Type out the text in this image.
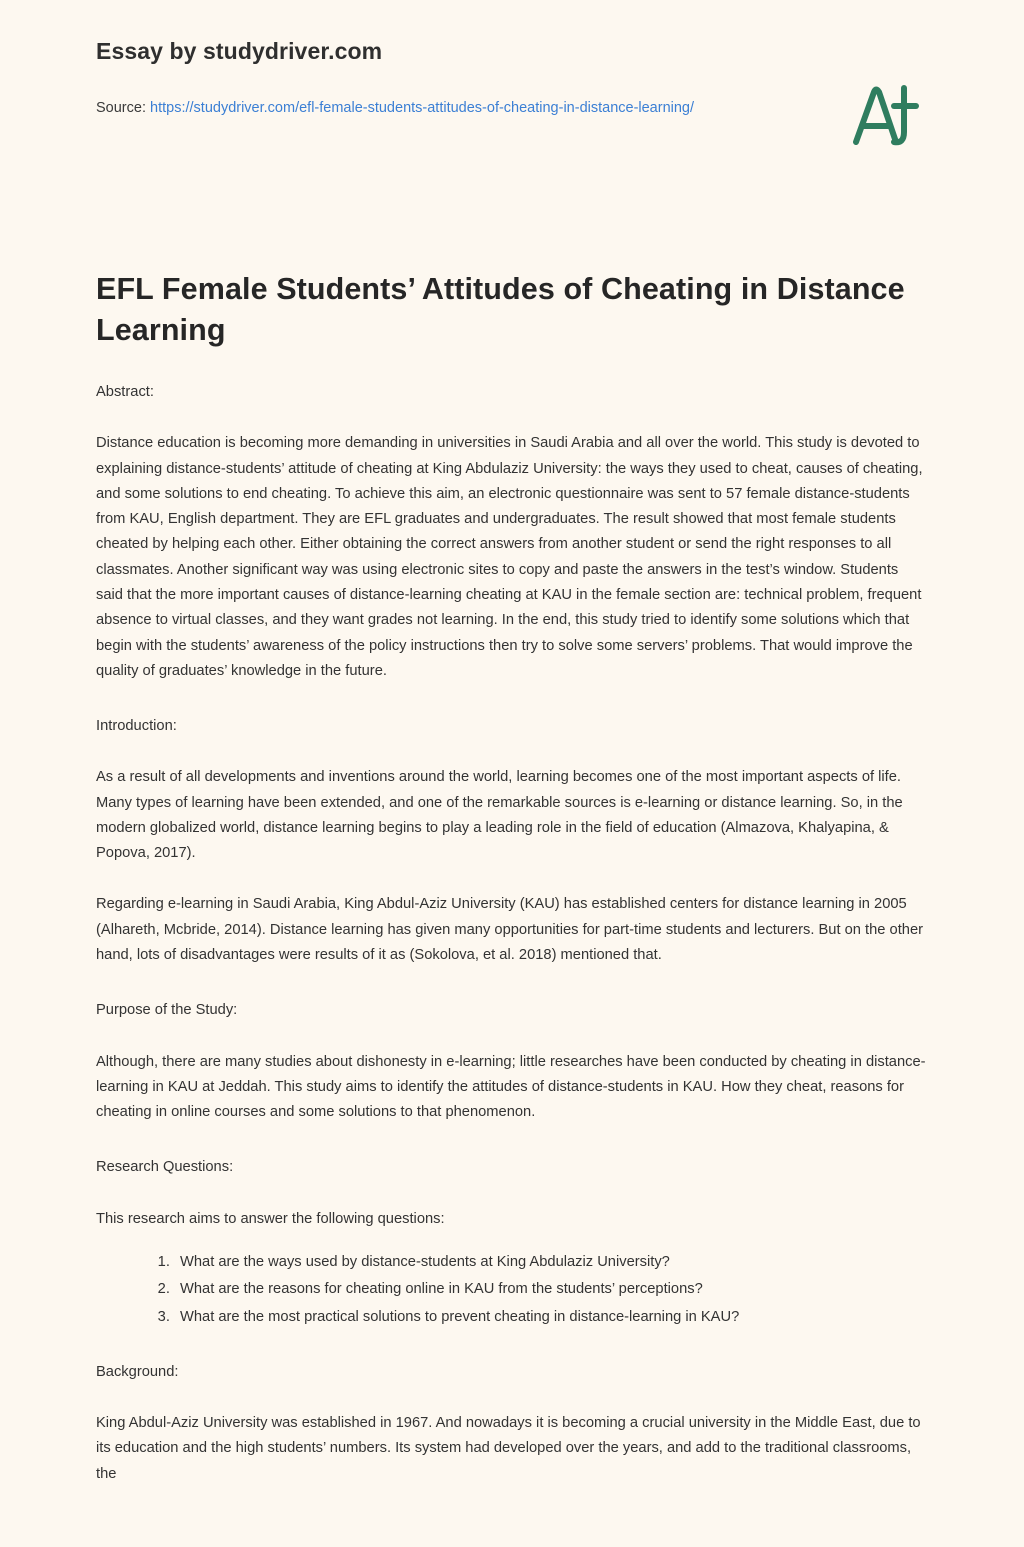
Essay by studydriver.com
Source: https://studydriver.com/efl-female-students-attitudes-of-cheating-in-distance-learning/
EFL Female Students’ Attitudes of Cheating in Distance Learning

Abstract:

Distance education is becoming more demanding in universities in Saudi Arabia and all over the world. This study is devoted to explaining distance-students’ attitude of cheating at King Abdulaziz University: the ways they used to cheat, causes of cheating, and some solutions to end cheating. To achieve this aim, an electronic questionnaire was sent to 57 female distance-students from KAU, English department. They are EFL graduates and undergraduates. The result showed that most female students cheated by helping each other. Either obtaining the correct answers from another student or send the right responses to all classmates. Another significant way was using electronic sites to copy and paste the answers in the test’s window. Students said that the more important causes of distance-learning cheating at KAU in the female section are: technical problem, frequent absence to virtual classes, and they want grades not learning. In the end, this study tried to identify some solutions which that begin with the students’ awareness of the policy instructions then try to solve some servers’ problems. That would improve the quality of graduates’ knowledge in the future.

Introduction:

As a result of all developments and inventions around the world, learning becomes one of the most important aspects of life. Many types of learning have been extended, and one of the remarkable sources is e-learning or distance learning. So, in the modern globalized world, distance learning begins to play a leading role in the field of education (Almazova, Khalyapina, & Popova, 2017).

Regarding e-learning in Saudi Arabia, King Abdul-Aziz University (KAU) has established centers for distance learning in 2005 (Alhareth, Mcbride, 2014). Distance learning has given many opportunities for part-time students and lecturers. But on the other hand, lots of disadvantages were results of it as (Sokolova, et al. 2018) mentioned that.

Purpose of the Study:

Although, there are many studies about dishonesty in e-learning; little researches have been conducted by cheating in distance-learning in KAU at Jeddah. This study aims to identify the attitudes of distance-students in KAU. How they cheat, reasons for cheating in online courses and some solutions to that phenomenon.

Research Questions:

This research aims to answer the following questions:

1. What are the ways used by distance-students at King Abdulaziz University?
2. What are the reasons for cheating online in KAU from the students’ perceptions?
3. What are the most practical solutions to prevent cheating in distance-learning in KAU?

Background:

King Abdul-Aziz University was established in 1967. And nowadays it is becoming a crucial university in the Middle East, due to its education and the high students’ numbers. Its system had developed over the years, and add to the traditional classrooms, the
